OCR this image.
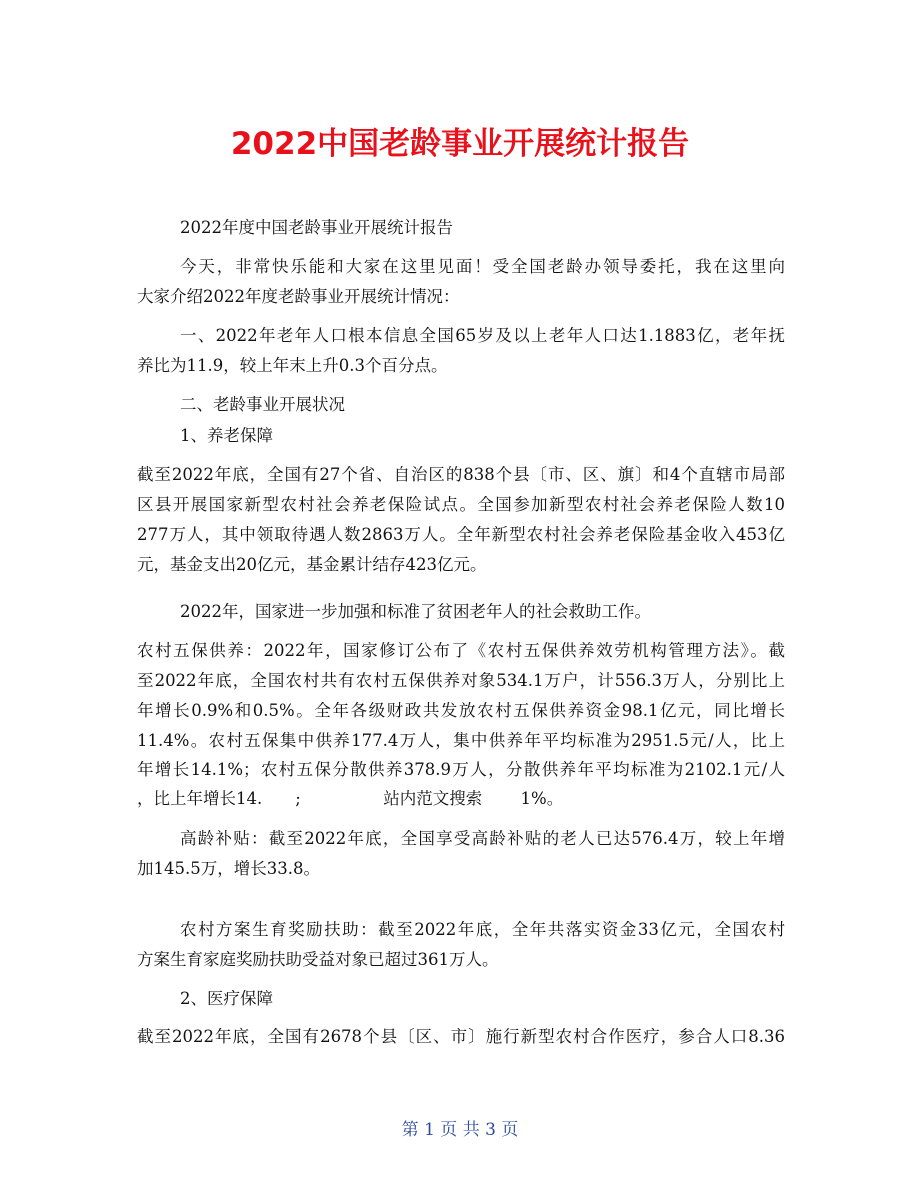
2022中国老龄事业开展统计报告
2022年度中国老龄事业开展统计报告
今天，非常快乐能和大家在这里见面！受全国老龄办领导委托，我在这里向
大家介绍2022年度老龄事业开展统计情况：
一、2022年老年人口根本信息全国65岁及以上老年人口达1.1883亿，老年抚
养比为11.9，较上年末上升0.3个百分点。
二、老龄事业开展状况
1、养老保障
截至2022年底，全国有27个省、自治区的838个县〔市、区、旗〕和4个直辖市局部
区县开展国家新型农村社会养老保险试点。全国参加新型农村社会养老保险人数10
277万人，其中领取待遇人数2863万人。全年新型农村社会养老保险基金收入453亿
元，基金支出20亿元，基金累计结存423亿元。
2022年，国家进一步加强和标准了贫困老年人的社会救助工作。
农村五保供养：2022年，国家修订公布了《农村五保供养效劳机构管理方法》。截
至2022年底，全国农村共有农村五保供养对象534.1万户，计556.3万人，分别比上
年增长0.9%和0.5%。全年各级财政共发放农村五保供养资金98.1亿元，同比增长
11.4%。农村五保集中供养177.4万人，集中供养年平均标准为2951.5元/人，比上
年增长14.1%；农村五保分散供养378.9万人，分散供养年平均标准为2102.1元/人
，比上年增长14.　　;　　　　　站内范文搜索　　 1%。
高龄补贴：截至2022年底，全国享受高龄补贴的老人已达576.4万，较上年增
加145.5万，增长33.8。
农村方案生育奖励扶助：截至2022年底，全年共落实资金33亿元，全国农村
方案生育家庭奖励扶助受益对象已超过361万人。
2、医疗保障
截至2022年底，全国有2678个县〔区、市〕施行新型农村合作医疗，参合人口8.36
第 1 页 共 3 页
